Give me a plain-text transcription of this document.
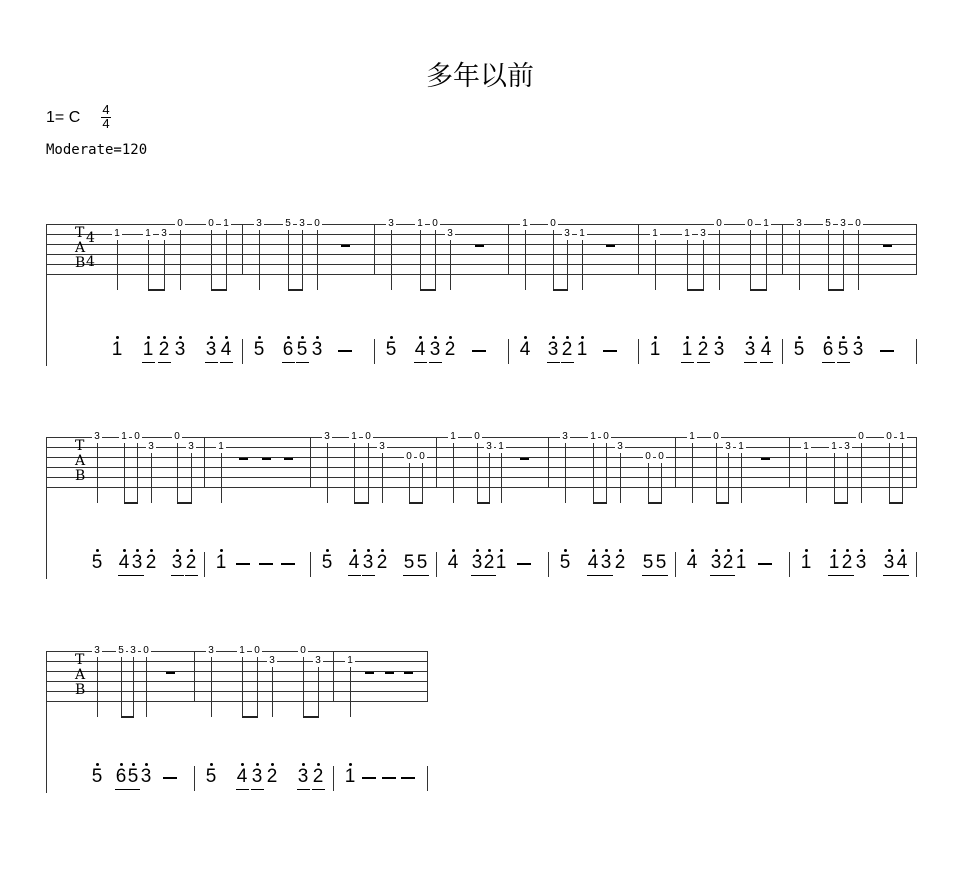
多年以前
1= C 4
4
Moderate=120
T
A
B
4
4
1
1
1
1
3
2
0
3
0
3
1
4
3
5
5
6
3
5
0
3
3
5
1
4
0
3
3
2
1
4
0
3
3
2
1
1
1
1
1
1
3
2
0
3
0
3
1
4
3
5
5
6
3
5
0
3
T
A
B
3
5
1
4
0
3
3
2
0
3
3
2
1
1
3
5
1
4
0
3
3
2
0
5
0
5
1
4
0
3
3
2
1
1
3
5
1
4
0
3
3
2
0
5
0
5
1
4
0
3
3
2
1
1
1
1
1
1
3
2
0
3
0
3
1
4
T
A
B
3
5
5
6
3
5
0
3
3
5
1
4
0
3
3
2
0
3
3
2
1
1
